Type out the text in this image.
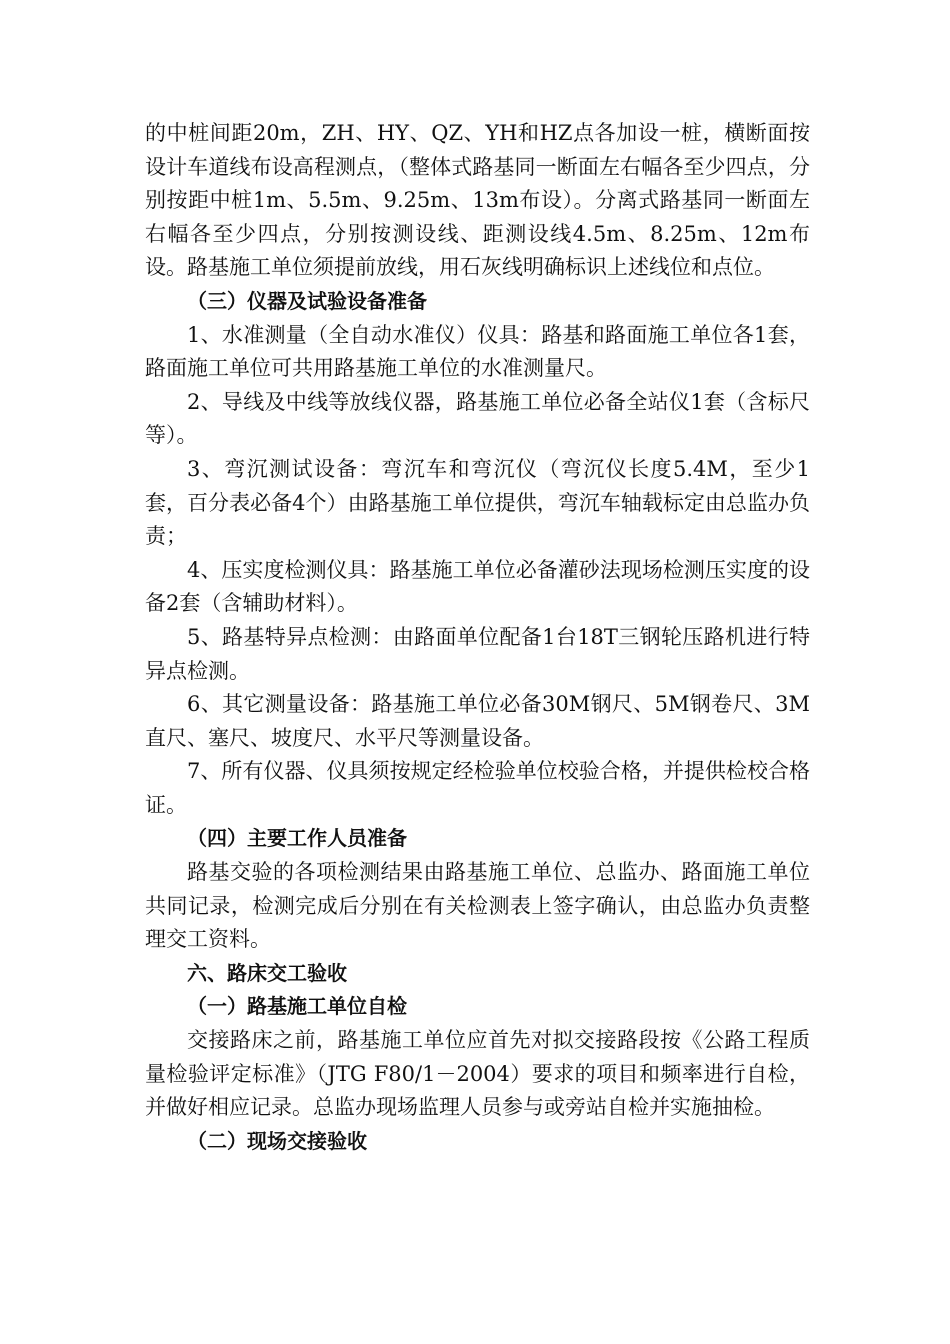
的中桩间距20m，ZH、HY、QZ、YH和HZ点各加设一桩，横断面按设计车道线布设高程测点，（整体式路基同一断面左右幅各至少四点，分别按距中桩1m、5.5m、9.25m、13m布设）。分离式路基同一断面左右幅各至少四点，分别按测设线、距测设线4.5m、8.25m、12m布设。路基施工单位须提前放线，用石灰线明确标识上述线位和点位。

（三）仪器及试验设备准备

1、水准测量（全自动水准仪）仪具：路基和路面施工单位各1套，路面施工单位可共用路基施工单位的水准测量尺。

2、导线及中线等放线仪器，路基施工单位必备全站仪1套（含标尺等）。

3、弯沉测试设备：弯沉车和弯沉仪（弯沉仪长度5.4M，至少1套，百分表必备4个）由路基施工单位提供，弯沉车轴载标定由总监办负责；

4、压实度检测仪具：路基施工单位必备灌砂法现场检测压实度的设备2套（含辅助材料）。

5、路基特异点检测：由路面单位配备1台18T三钢轮压路机进行特异点检测。

6、其它测量设备：路基施工单位必备30M钢尺、5M钢卷尺、3M直尺、塞尺、坡度尺、水平尺等测量设备。

7、所有仪器、仪具须按规定经检验单位校验合格，并提供检校合格证。

（四）主要工作人员准备

路基交验的各项检测结果由路基施工单位、总监办、路面施工单位共同记录，检测完成后分别在有关检测表上签字确认，由总监办负责整理交工资料。

六、路床交工验收

（一）路基施工单位自检

交接路床之前，路基施工单位应首先对拟交接路段按《公路工程质量检验评定标准》（JTG F80/1－2004）要求的项目和频率进行自检，并做好相应记录。总监办现场监理人员参与或旁站自检并实施抽检。

（二）现场交接验收
